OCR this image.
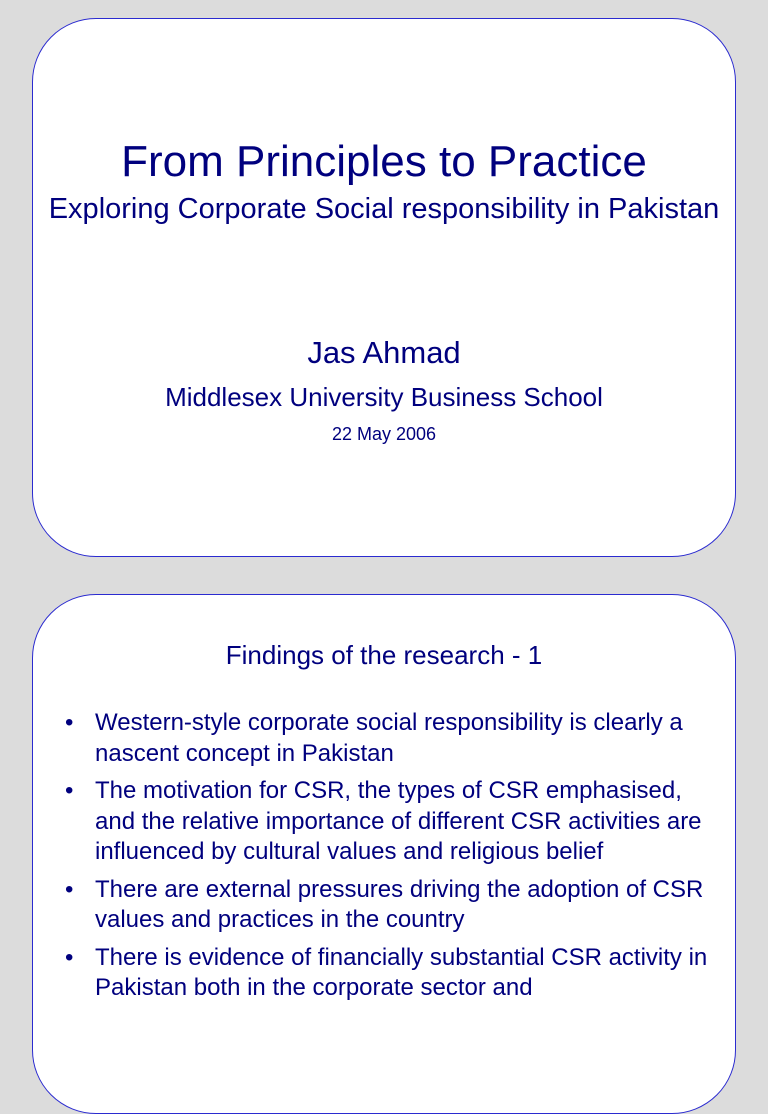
From Principles to Practice
Exploring Corporate Social responsibility in Pakistan
Jas Ahmad
Middlesex University Business School
22 May 2006
Findings of the research - 1
• Western-style corporate social responsibility is clearly a nascent concept in Pakistan
• The motivation for CSR, the types of CSR emphasised, and the relative importance of different CSR activities are influenced by cultural values and religious belief
• There are external pressures driving the adoption of CSR values and practices in the country
• There is evidence of financially substantial CSR activity in Pakistan both in the corporate sector and
